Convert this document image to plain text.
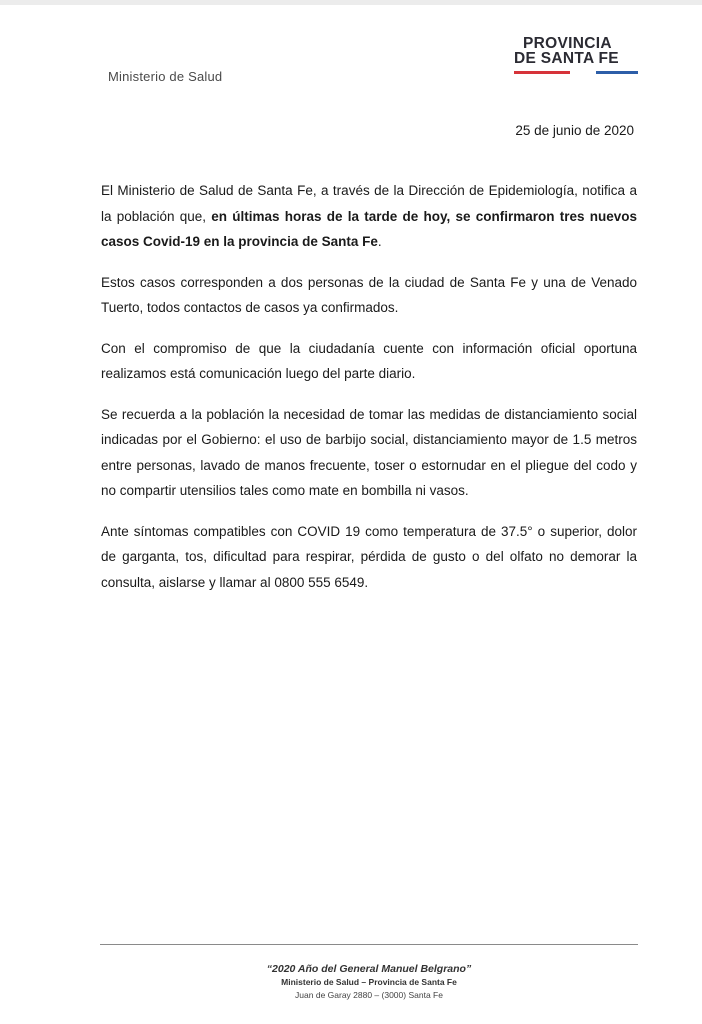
Ministerio de Salud
PROVINCIA
DE SANTA FE
25 de junio de 2020

El Ministerio de Salud de Santa Fe, a través de la Dirección de Epidemiología, notifica a la población que, en últimas horas de la tarde de hoy, se confirmaron tres nuevos casos Covid-19 en la provincia de Santa Fe.

Estos casos corresponden a dos personas de la ciudad de Santa Fe y una de Venado Tuerto, todos contactos de casos ya confirmados.

Con el compromiso de que la ciudadanía cuente con información oficial oportuna realizamos está comunicación luego del parte diario.

Se recuerda a la población la necesidad de tomar las medidas de distanciamiento social indicadas por el Gobierno: el uso de barbijo social, distanciamiento mayor de 1.5 metros entre personas, lavado de manos frecuente, toser o estornudar en el pliegue del codo y no compartir utensilios tales como mate en bombilla ni vasos.

Ante síntomas compatibles con COVID 19 como temperatura de 37.5° o superior, dolor de garganta, tos, dificultad para respirar, pérdida de gusto o del olfato no demorar la consulta, aislarse y llamar al 0800 555 6549.

“2020 Año del General Manuel Belgrano”
Ministerio de Salud – Provincia de Santa Fe
Juan de Garay 2880 – (3000) Santa Fe
